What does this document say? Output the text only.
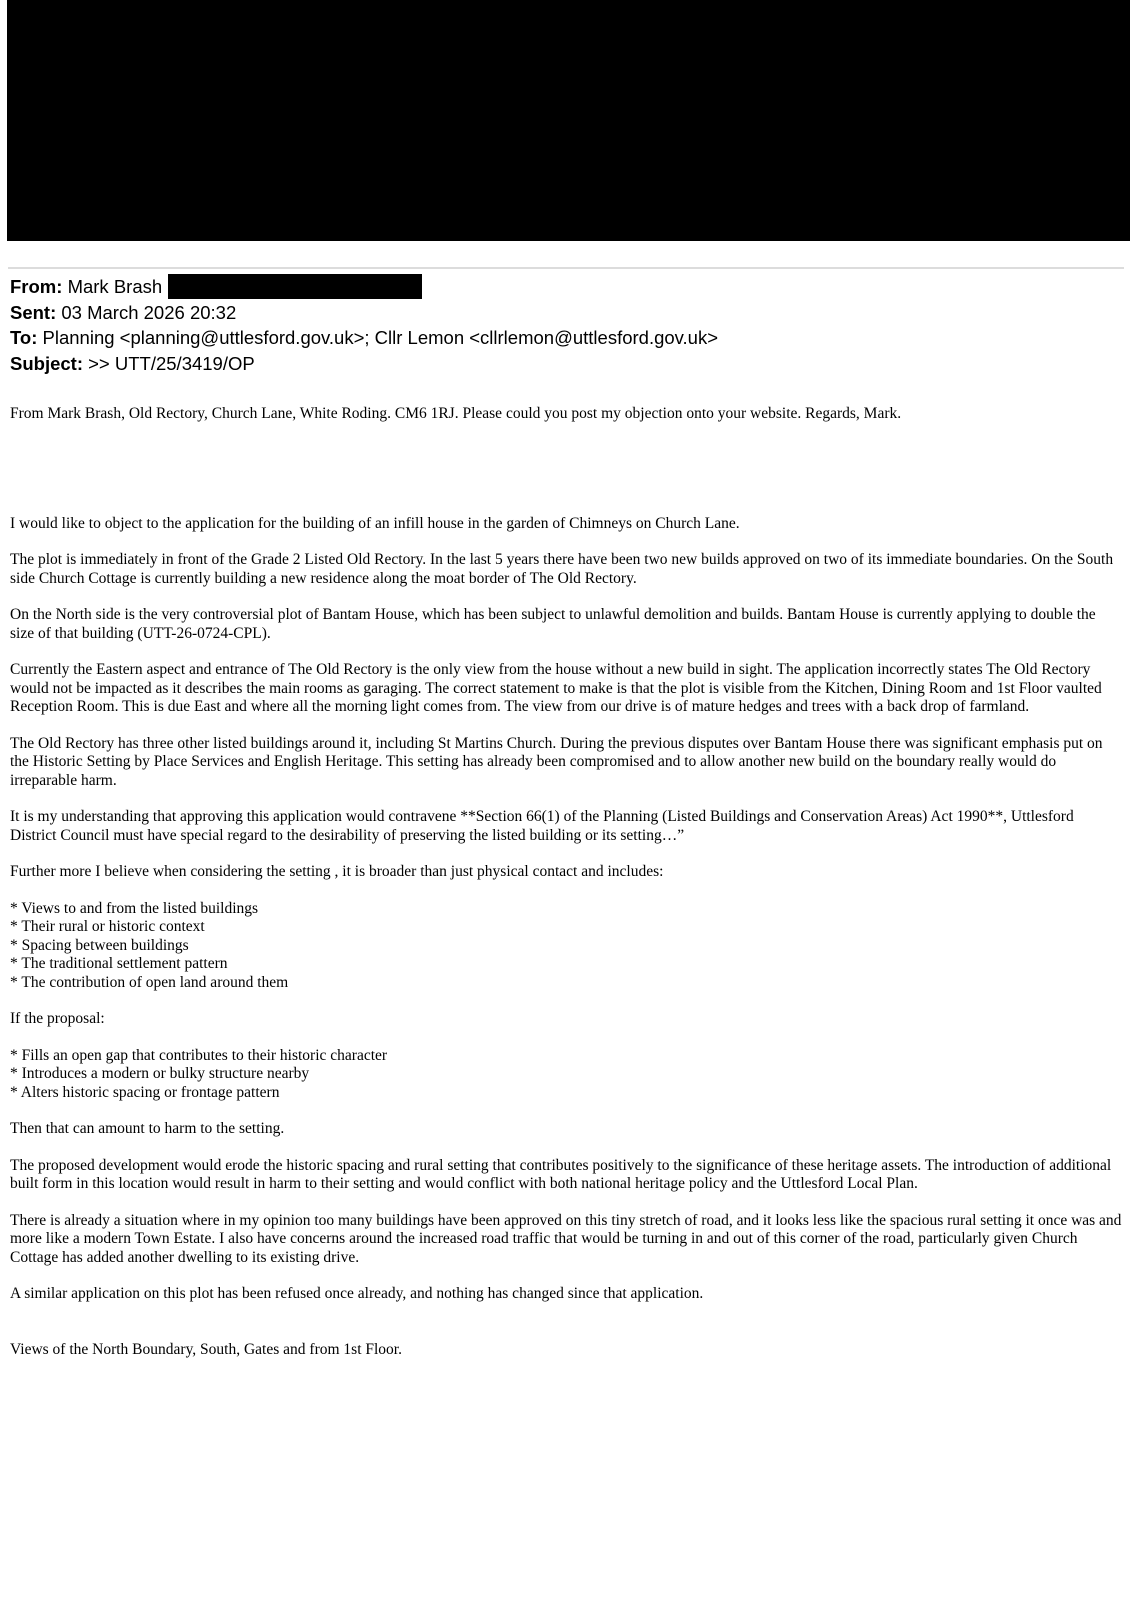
From: Mark Brash
Sent: 03 March 2026 20:32
To: Planning <planning@uttlesford.gov.uk>; Cllr Lemon <cllrlemon@uttlesford.gov.uk>
Subject: >> UTT/25/3419/OP

From Mark Brash, Old Rectory, Church Lane, White Roding. CM6 1RJ. Please could you post my objection onto your website. Regards, Mark.

I would like to object to the application for the building of an infill house in the garden of Chimneys on Church Lane.

The plot is immediately in front of the Grade 2 Listed Old Rectory. In the last 5 years there have been two new builds approved on two of its immediate boundaries. On the South side Church Cottage is currently building a new residence along the moat border of The Old Rectory.

On the North side is the very controversial plot of Bantam House, which has been subject to unlawful demolition and builds. Bantam House is currently applying to double the size of that building (UTT-26-0724-CPL).

Currently the Eastern aspect and entrance of The Old Rectory is the only view from the house without a new build in sight. The application incorrectly states The Old Rectory would not be impacted as it describes the main rooms as garaging. The correct statement to make is that the plot is visible from the Kitchen, Dining Room and 1st Floor vaulted Reception Room. This is due East and where all the morning light comes from. The view from our drive is of mature hedges and trees with a back drop of farmland.

The Old Rectory has three other listed buildings around it, including St Martins Church. During the previous disputes over Bantam House there was significant emphasis put on the Historic Setting by Place Services and English Heritage. This setting has already been compromised and to allow another new build on the boundary really would do irreparable harm.

It is my understanding that approving this application would contravene **Section 66(1) of the Planning (Listed Buildings and Conservation Areas) Act 1990**, Uttlesford District Council must have special regard to the desirability of preserving the listed building or its setting…”

Further more I believe when considering the setting , it is broader than just physical contact and includes:

* Views to and from the listed buildings
* Their rural or historic context
* Spacing between buildings
* The traditional settlement pattern
* The contribution of open land around them

If the proposal:

* Fills an open gap that contributes to their historic character
* Introduces a modern or bulky structure nearby
* Alters historic spacing or frontage pattern

Then that can amount to harm to the setting.

The proposed development would erode the historic spacing and rural setting that contributes positively to the significance of these heritage assets. The introduction of additional built form in this location would result in harm to their setting and would conflict with both national heritage policy and the Uttlesford Local Plan.

There is already a situation where in my opinion too many buildings have been approved on this tiny stretch of road, and it looks less like the spacious rural setting it once was and more like a modern Town Estate. I also have concerns around the increased road traffic that would be turning in and out of this corner of the road, particularly given Church Cottage has added another dwelling to its existing drive.

A similar application on this plot has been refused once already, and nothing has changed since that application.

Views of the North Boundary, South, Gates and from 1st Floor.
